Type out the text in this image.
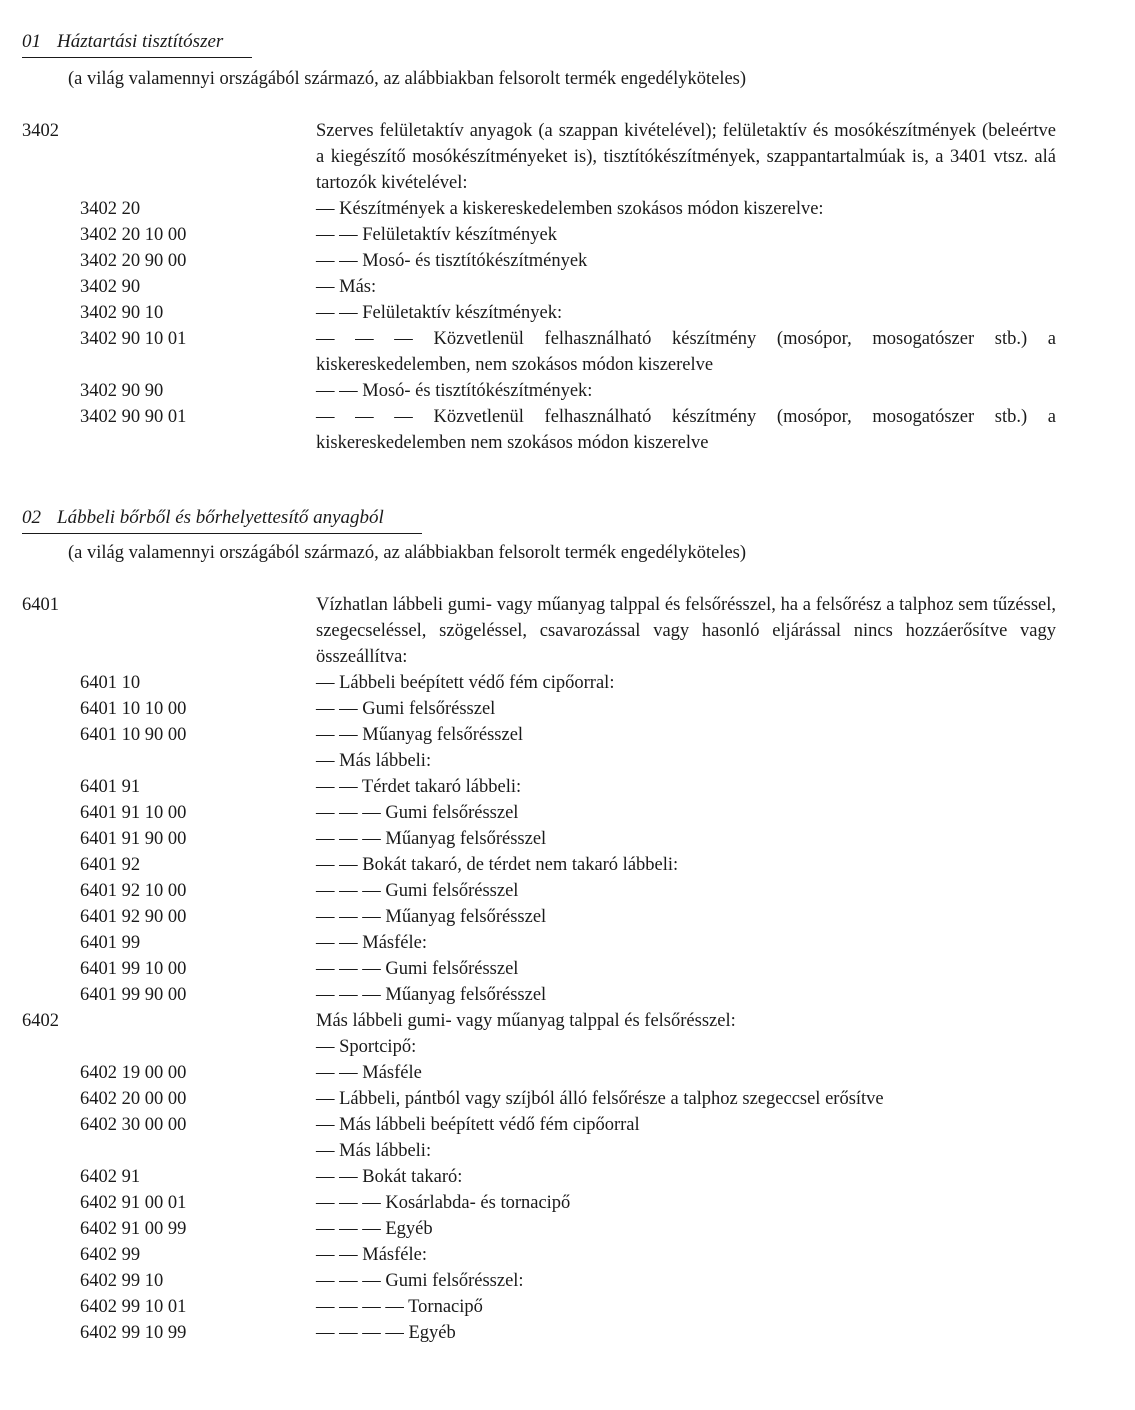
01 Háztartási tisztítószer
(a világ valamennyi országából származó, az alábbiakban felsorolt termék engedélyköteles)
3402	Szerves felületaktív anyagok (a szappan kivételével); felületaktív és mosókészítmények (beleértve a kiegészítő mosókészítményeket is), tisztítókészítmények, szappantartalmúak is, a 3401 vtsz. alá tartozók kivételével:
3402 20	— Készítmények a kiskereskedelemben szokásos módon kiszerelve:
3402 20 10 00	— — Felületaktív készítmények
3402 20 90 00	— — Mosó- és tisztítókészítmények
3402 90	— Más:
3402 90 10	— — Felületaktív készítmények:
3402 90 10 01	— — — Közvetlenül felhasználható készítmény (mosópor, mosogatószer stb.) a kiskereskedelemben, nem szokásos módon kiszerelve
3402 90 90	— — Mosó- és tisztítókészítmények:
3402 90 90 01	— — — Közvetlenül felhasználható készítmény (mosópor, mosogatószer stb.) a kiskereskedelemben nem szokásos módon kiszerelve
02 Lábbeli bőrből és bőrhelyettesítő anyagból
(a világ valamennyi országából származó, az alábbiakban felsorolt termék engedélyköteles)
6401	Vízhatlan lábbeli gumi- vagy műanyag talppal és felsőrésszel, ha a felsőrész a talphoz sem tűzéssel, szegecseléssel, szögeléssel, csavarozással vagy hasonló eljárással nincs hozzáerősítve vagy összeállítva:
6401 10	— Lábbeli beépített védő fém cipőorral:
6401 10 10 00	— — Gumi felsőrésszel
6401 10 90 00	— — Műanyag felsőrésszel
— Más lábbeli:
6401 91	— — Térdet takaró lábbeli:
6401 91 10 00	— — — Gumi felsőrésszel
6401 91 90 00	— — — Műanyag felsőrésszel
6401 92	— — Bokát takaró, de térdet nem takaró lábbeli:
6401 92 10 00	— — — Gumi felsőrésszel
6401 92 90 00	— — — Műanyag felsőrésszel
6401 99	— — Másféle:
6401 99 10 00	— — — Gumi felsőrésszel
6401 99 90 00	— — — Műanyag felsőrésszel
6402	Más lábbeli gumi- vagy műanyag talppal és felsőrésszel:
— Sportcipő:
6402 19 00 00	— — Másféle
6402 20 00 00	— Lábbeli, pántból vagy szíjból álló felsőrésze a talphoz szegeccsel erősítve
6402 30 00 00	— Más lábbeli beépített védő fém cipőorral
— Más lábbeli:
6402 91	— — Bokát takaró:
6402 91 00 01	— — — Kosárlabda- és tornacipő
6402 91 00 99	— — — Egyéb
6402 99	— — Másféle:
6402 99 10	— — — Gumi felsőrésszel:
6402 99 10 01	— — — — Tornacipő
6402 99 10 99	— — — — Egyéb
